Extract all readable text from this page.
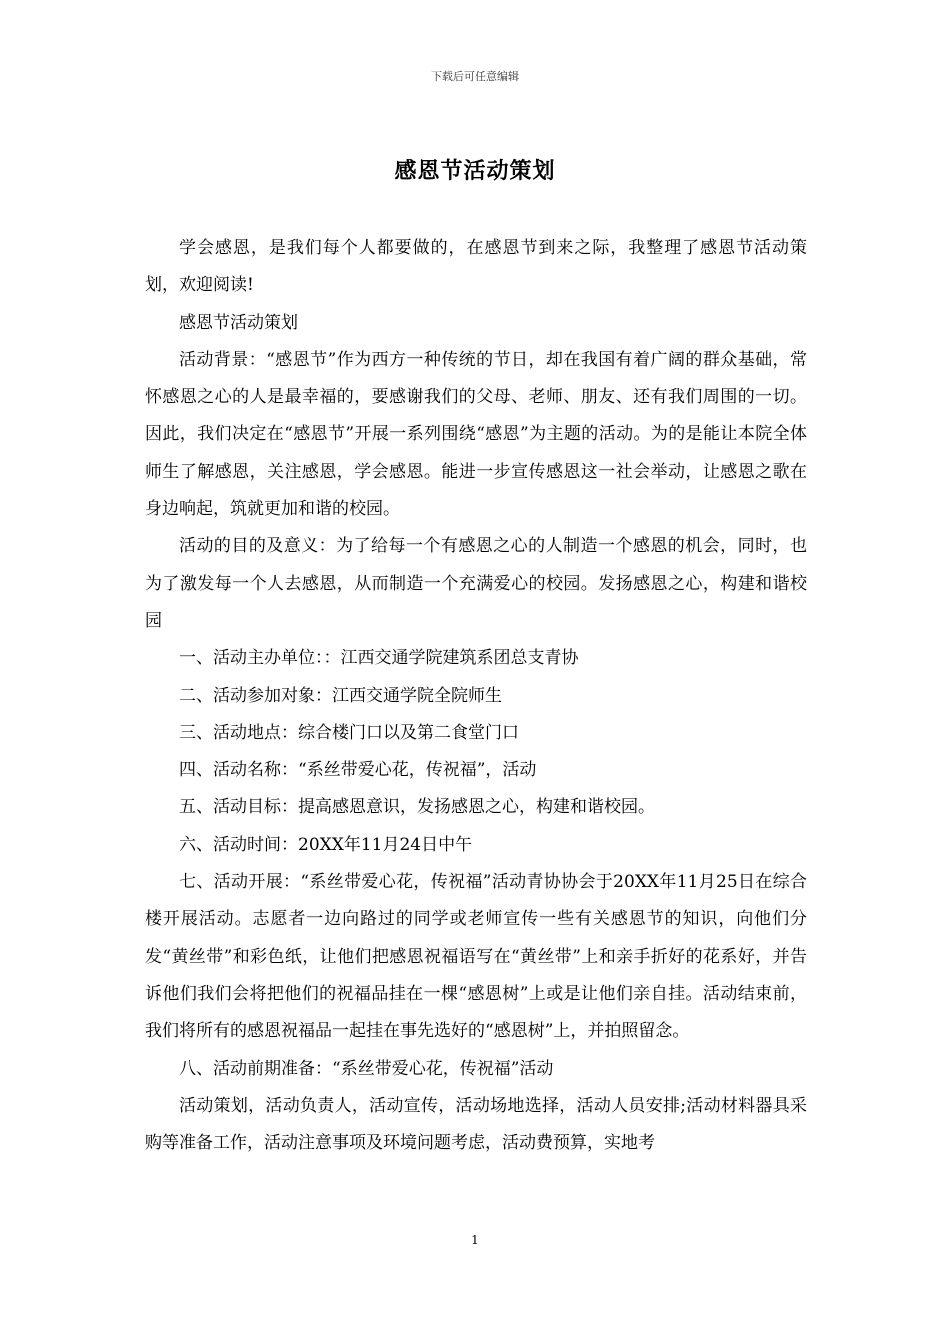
下载后可任意编辑
感恩节活动策划

学会感恩，是我们每个人都要做的，在感恩节到来之际，我整理了感恩节活动策划，欢迎阅读!

感恩节活动策划

活动背景：“感恩节”作为西方一种传统的节日，却在我国有着广阔的群众基础，常怀感恩之心的人是最幸福的，要感谢我们的父母、老师、朋友、还有我们周围的一切。因此，我们决定在“感恩节”开展一系列围绕“感恩”为主题的活动。为的是能让本院全体师生了解感恩，关注感恩，学会感恩。能进一步宣传感恩这一社会举动，让感恩之歌在身边响起，筑就更加和谐的校园。

活动的目的及意义：为了给每一个有感恩之心的人制造一个感恩的机会，同时，也为了激发每一个人去感恩，从而制造一个充满爱心的校园。发扬感恩之心，构建和谐校园

一、活动主办单位：：江西交通学院建筑系团总支青协

二、活动参加对象：江西交通学院全院师生

三、活动地点：综合楼门口以及第二食堂门口

四、活动名称：“系丝带爱心花，传祝福”，活动

五、活动目标：提高感恩意识，发扬感恩之心，构建和谐校园。

六、活动时间：20XX年11月24日中午

七、活动开展：“系丝带爱心花，传祝福”活动青协协会于20XX年11月25日在综合楼开展活动。志愿者一边向路过的同学或老师宣传一些有关感恩节的知识，向他们分发“黄丝带”和彩色纸，让他们把感恩祝福语写在“黄丝带”上和亲手折好的花系好，并告诉他们我们会将把他们的祝福品挂在一棵“感恩树”上或是让他们亲自挂。活动结束前，我们将所有的感恩祝福品一起挂在事先选好的“感恩树”上，并拍照留念。

八、活动前期准备：“系丝带爱心花，传祝福”活动

活动策划，活动负责人，活动宣传，活动场地选择，活动人员安排;活动材料器具采购等准备工作，活动注意事项及环境问题考虑，活动费预算，实地考

1
